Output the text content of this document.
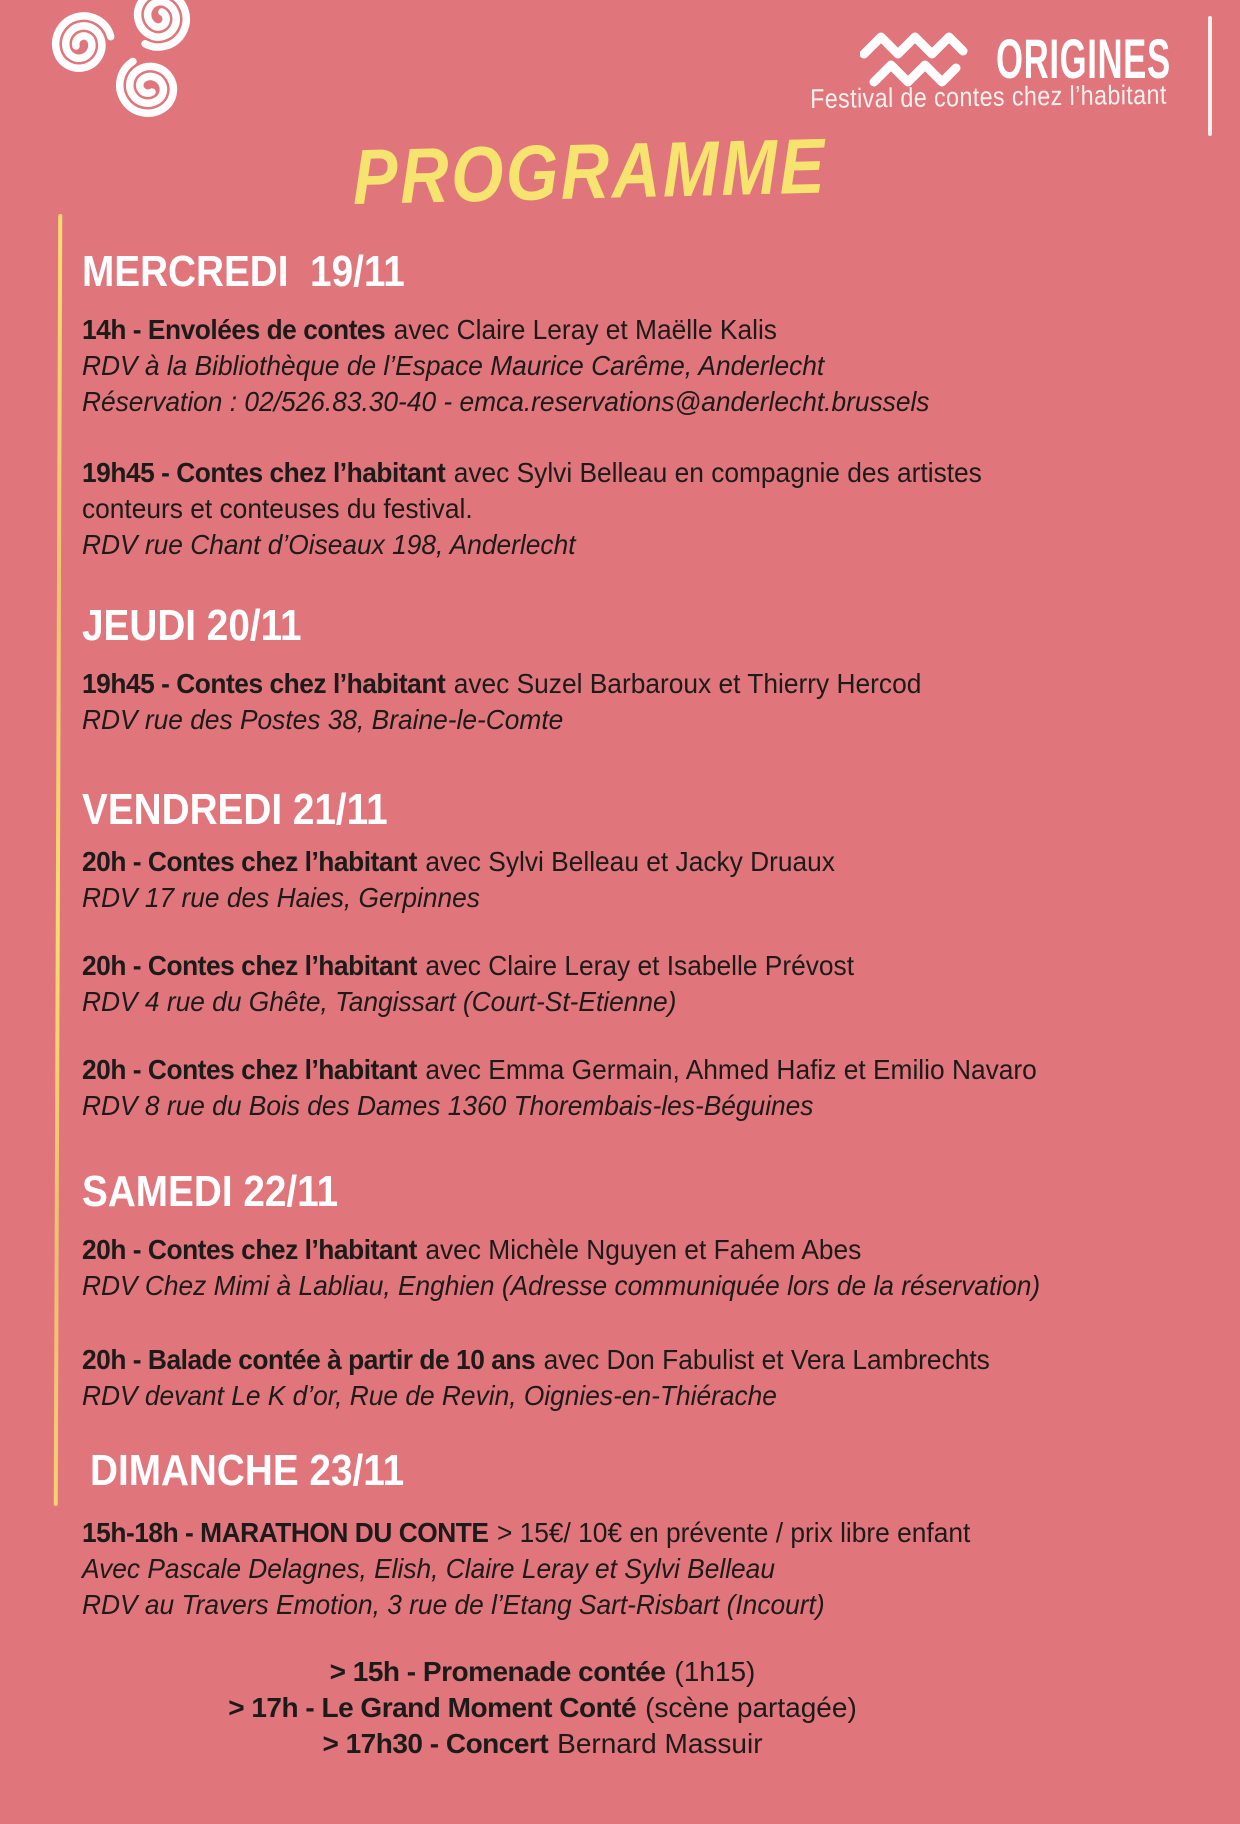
ORIGINES
Festival de contes chez l’habitant
PROGRAMME
MERCREDI  19/11

14h - Envolées de contes avec Claire Leray et Maëlle Kalis

RDV à la Bibliothèque de l’Espace Maurice Carême, Anderlecht

Réservation : 02/526.83.30-40 - emca.reservations@anderlecht.brussels

19h45 - Contes chez l’habitant avec Sylvi Belleau en compagnie des artistes conteurs et conteuses du festival.

RDV rue Chant d’Oiseaux 198, Anderlecht

JEUDI 20/11

19h45 - Contes chez l’habitant avec Suzel Barbaroux et Thierry Hercod

RDV rue des Postes 38, Braine-le-Comte

VENDREDI 21/11

20h - Contes chez l’habitant avec Sylvi Belleau et Jacky Druaux

RDV 17 rue des Haies, Gerpinnes

20h - Contes chez l’habitant avec Claire Leray et Isabelle Prévost

RDV 4 rue du Ghête, Tangissart (Court-St-Etienne)

20h - Contes chez l’habitant avec Emma Germain, Ahmed Hafiz et Emilio Navaro

RDV 8 rue du Bois des Dames 1360 Thorembais-les-Béguines

SAMEDI 22/11

20h - Contes chez l’habitant avec Michèle Nguyen et Fahem Abes

RDV Chez Mimi à Labliau, Enghien (Adresse communiquée lors de la réservation)

20h - Balade contée à partir de 10 ans avec Don Fabulist et Vera Lambrechts

RDV devant Le K d’or, Rue de Revin, Oignies-en-Thiérache

DIMANCHE 23/11

15h-18h - MARATHON DU CONTE > 15€/ 10€ en prévente / prix libre enfant

Avec Pascale Delagnes, Elish, Claire Leray et Sylvi Belleau

RDV au Travers Emotion, 3 rue de l’Etang Sart-Risbart (Incourt)

> 15h - Promenade contée (1h15)

> 17h - Le Grand Moment Conté (scène partagée)

> 17h30 - Concert Bernard Massuir
